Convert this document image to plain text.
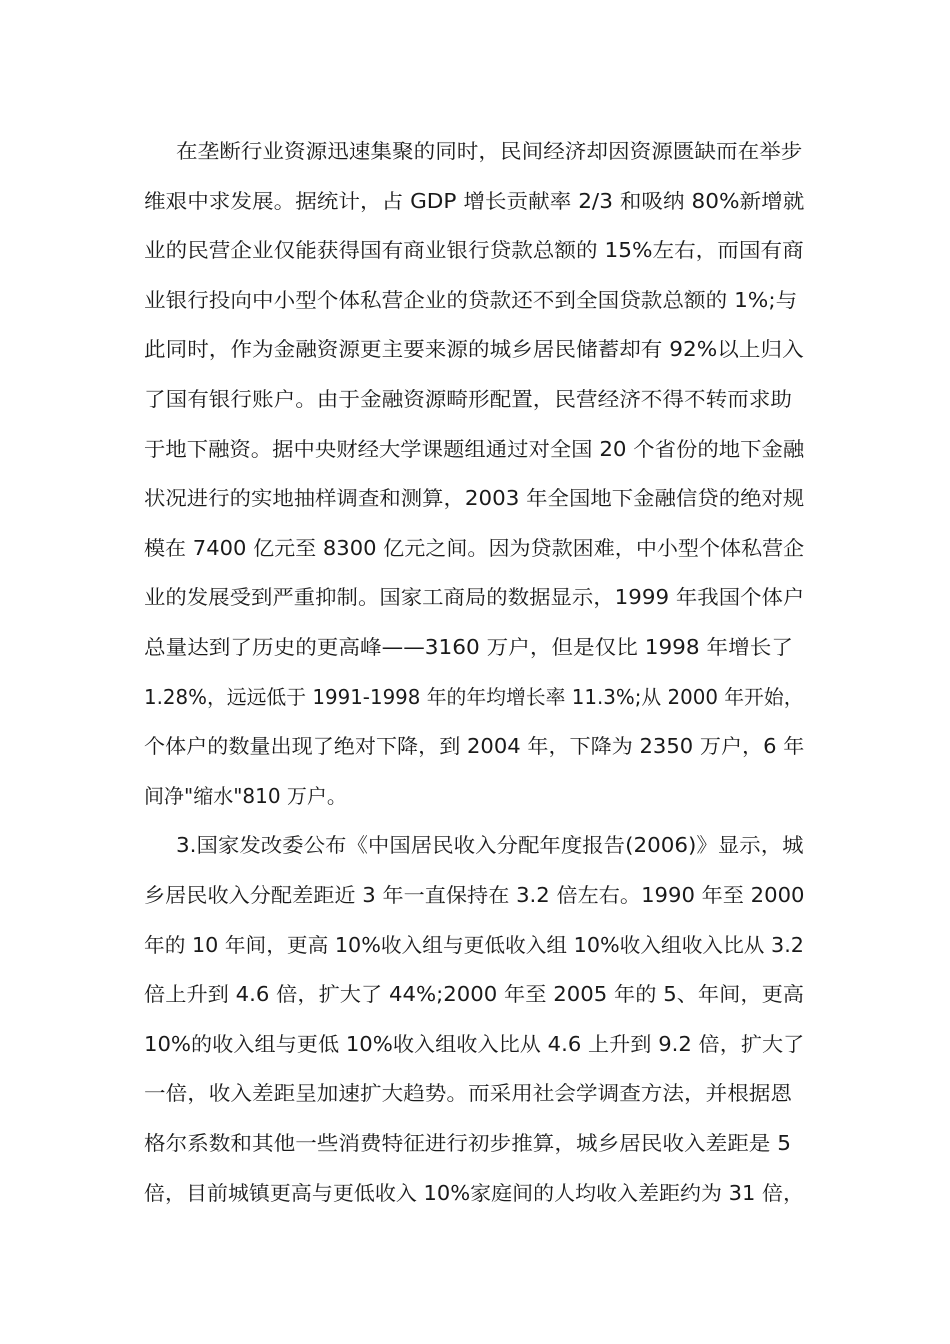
在垄断行业资源迅速集聚的同时，民间经济却因资源匮缺而在举步
维艰中求发展。据统计，占 GDP 增长贡献率 2/3 和吸纳 80%新增就
业的民营企业仅能获得国有商业银行贷款总额的 15%左右，而国有商
业银行投向中小型个体私营企业的贷款还不到全国贷款总额的 1%;与
此同时，作为金融资源更主要来源的城乡居民储蓄却有 92%以上归入
了国有银行账户。由于金融资源畸形配置，民营经济不得不转而求助
于地下融资。据中央财经大学课题组通过对全国 20 个省份的地下金融
状况进行的实地抽样调查和测算，2003 年全国地下金融信贷的绝对规
模在 7400 亿元至 8300 亿元之间。因为贷款困难，中小型个体私营企
业的发展受到严重抑制。国家工商局的数据显示，1999 年我国个体户
总量达到了历史的更高峰——3160 万户，但是仅比 1998 年增长了
1.28%，远远低于 1991-1998 年的年均增长率 11.3%;从 2000 年开始，
个体户的数量出现了绝对下降，到 2004 年，下降为 2350 万户，6 年
间净"缩水"810 万户。
3.国家发改委公布《中国居民收入分配年度报告(2006)》显示，城
乡居民收入分配差距近 3 年一直保持在 3.2 倍左右。1990 年至 2000
年的 10 年间，更高 10%收入组与更低收入组 10%收入组收入比从 3.2
倍上升到 4.6 倍，扩大了 44%;2000 年至 2005 年的 5、年间，更高
10%的收入组与更低 10%收入组收入比从 4.6 上升到 9.2 倍，扩大了
一倍，收入差距呈加速扩大趋势。而采用社会学调查方法，并根据恩
格尔系数和其他一些消费特征进行初步推算，城乡居民收入差距是 5
倍，目前城镇更高与更低收入 10%家庭间的人均收入差距约为 31 倍，
